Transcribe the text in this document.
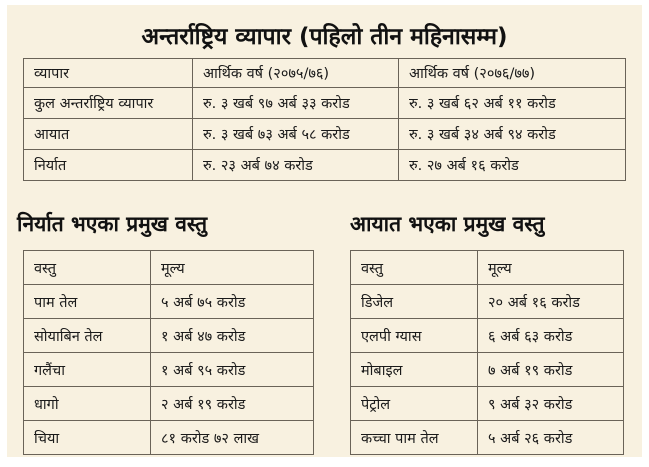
अन्तर्राष्ट्रिय व्यापार (पहिलो तीन महिनासम्म)
व्यापार	आर्थिक वर्ष (२०७५/७६)	आर्थिक वर्ष (२०७६/७७)
कुल अन्तर्राष्ट्रिय व्यापार	रु. ३ खर्ब ९७ अर्ब ३३ करोड	रु. ३ खर्ब ६२ अर्ब ११ करोड
आयात	रु. ३ खर्ब ७३ अर्ब ५८ करोड	रु. ३ खर्ब ३४ अर्ब ९४ करोड
निर्यात	रु. २३ अर्ब ७४ करोड	रु. २७ अर्ब १६ करोड
निर्यात भएका प्रमुख वस्तु	आयात भएका प्रमुख वस्तु
वस्तु	मूल्य
पाम तेल	५ अर्ब ७५ करोड
सोयाबिन तेल	१ अर्ब ४७ करोड
गलैंचा	१ अर्ब ९५ करोड
धागो	२ अर्ब १९ करोड
चिया	८१ करोड ७२ लाख
वस्तु	मूल्य
डिजेल	२० अर्ब १६ करोड
एलपी ग्यास	६ अर्ब ६३ करोड
मोबाइल	७ अर्ब १९ करोड
पेट्रोल	९ अर्ब ३२ करोड
कच्चा पाम तेल	५ अर्ब २६ करोड
